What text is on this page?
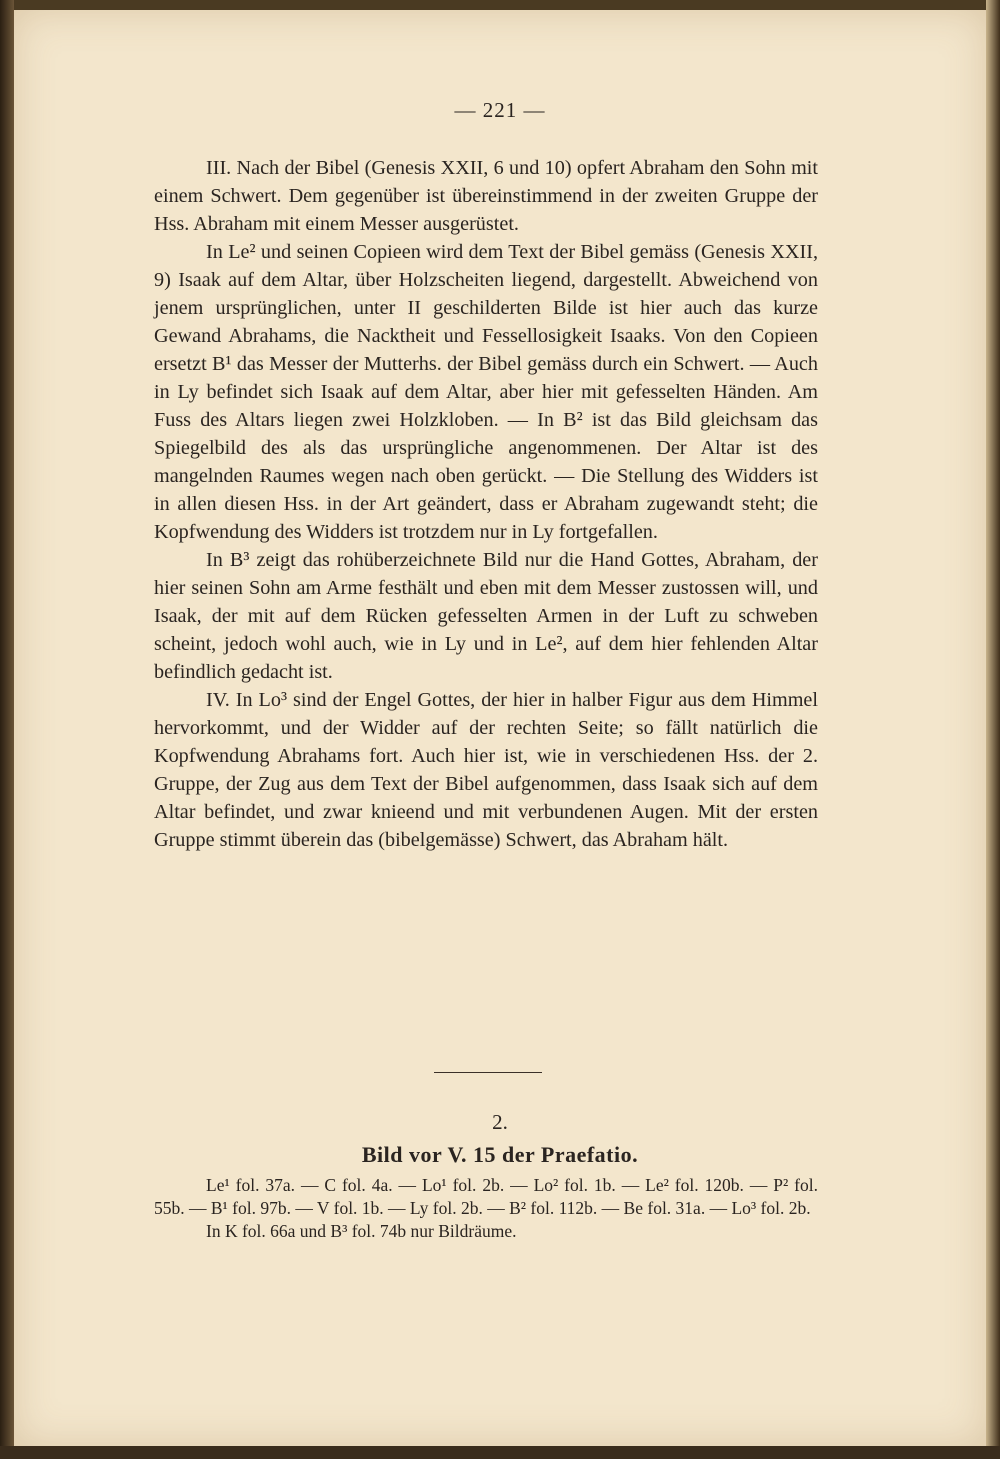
— 221 —

III. Nach der Bibel (Genesis XXII, 6 und 10) opfert Abraham den Sohn mit einem Schwert. Dem gegenüber ist übereinstimmend in der zweiten Gruppe der Hss. Abraham mit einem Messer ausgerüstet.

In Le² und seinen Copieen wird dem Text der Bibel gemäss (Genesis XXII, 9) Isaak auf dem Altar, über Holzscheiten liegend, dargestellt. Abweichend von jenem ursprünglichen, unter II geschilderten Bilde ist hier auch das kurze Gewand Abrahams, die Nacktheit und Fessellosigkeit Isaaks. Von den Copieen ersetzt B¹ das Messer der Mutterhs. der Bibel gemäss durch ein Schwert. — Auch in Ly befindet sich Isaak auf dem Altar, aber hier mit gefesselten Händen. Am Fuss des Altars liegen zwei Holzkloben. — In B² ist das Bild gleichsam das Spiegelbild des als das ursprüngliche angenommenen. Der Altar ist des mangelnden Raumes wegen nach oben gerückt. — Die Stellung des Widders ist in allen diesen Hss. in der Art geändert, dass er Abraham zugewandt steht; die Kopfwendung des Widders ist trotzdem nur in Ly fortgefallen.

In B³ zeigt das rohüberzeichnete Bild nur die Hand Gottes, Abraham, der hier seinen Sohn am Arme festhält und eben mit dem Messer zustossen will, und Isaak, der mit auf dem Rücken gefesselten Armen in der Luft zu schweben scheint, jedoch wohl auch, wie in Ly und in Le², auf dem hier fehlenden Altar befindlich gedacht ist.

IV. In Lo³ sind der Engel Gottes, der hier in halber Figur aus dem Himmel hervorkommt, und der Widder auf der rechten Seite; so fällt natürlich die Kopfwendung Abrahams fort. Auch hier ist, wie in verschiedenen Hss. der 2. Gruppe, der Zug aus dem Text der Bibel aufgenommen, dass Isaak sich auf dem Altar befindet, und zwar knieend und mit verbundenen Augen. Mit der ersten Gruppe stimmt überein das (bibelgemässe) Schwert, das Abraham hält.

2.
Bild vor V. 15 der Praefatio.

Le¹ fol. 37a. — C fol. 4a. — Lo¹ fol. 2b. — Lo² fol. 1b. — Le² fol. 120b. — P² fol. 55b. — B¹ fol. 97b. — V fol. 1b. — Ly fol. 2b. — B² fol. 112b. — Be fol. 31a. — Lo³ fol. 2b.

In K fol. 66a und B³ fol. 74b nur Bildräume.
